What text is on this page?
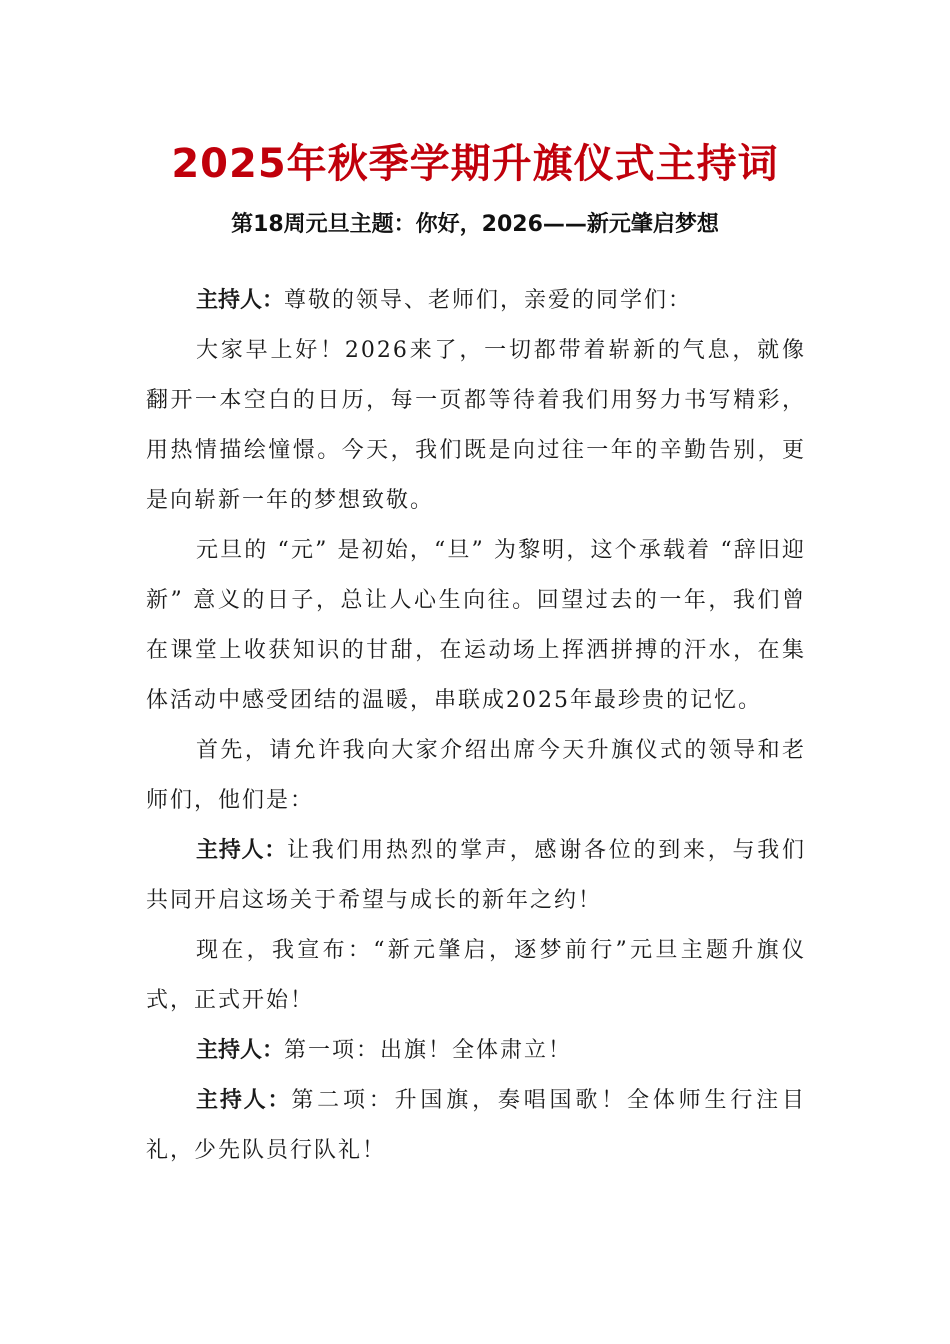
2025年秋季学期升旗仪式主持词
第18周元旦主题：你好，2026——新元肇启梦想

主持人：尊敬的领导、老师们，亲爱的同学们：

大家早上好！2026来了，一切都带着崭新的气息，就像翻开一本空白的日历，每一页都等待着我们用努力书写精彩，用热情描绘憧憬。今天，我们既是向过往一年的辛勤告别，更是向崭新一年的梦想致敬。

元旦的 “元” 是初始，“旦” 为黎明，这个承载着 “辞旧迎新” 意义的日子，总让人心生向往。回望过去的一年，我们曾在课堂上收获知识的甘甜，在运动场上挥洒拼搏的汗水，在集体活动中感受团结的温暖，串联成2025年最珍贵的记忆。

首先，请允许我向大家介绍出席今天升旗仪式的领导和老师们，他们是：

主持人：让我们用热烈的掌声，感谢各位的到来，与我们共同开启这场关于希望与成长的新年之约！

现在，我宣布：“新元肇启，逐梦前行”元旦主题升旗仪式，正式开始！

主持人：第一项：出旗！全体肃立！

主持人：第二项：升国旗，奏唱国歌！全体师生行注目礼，少先队员行队礼！
